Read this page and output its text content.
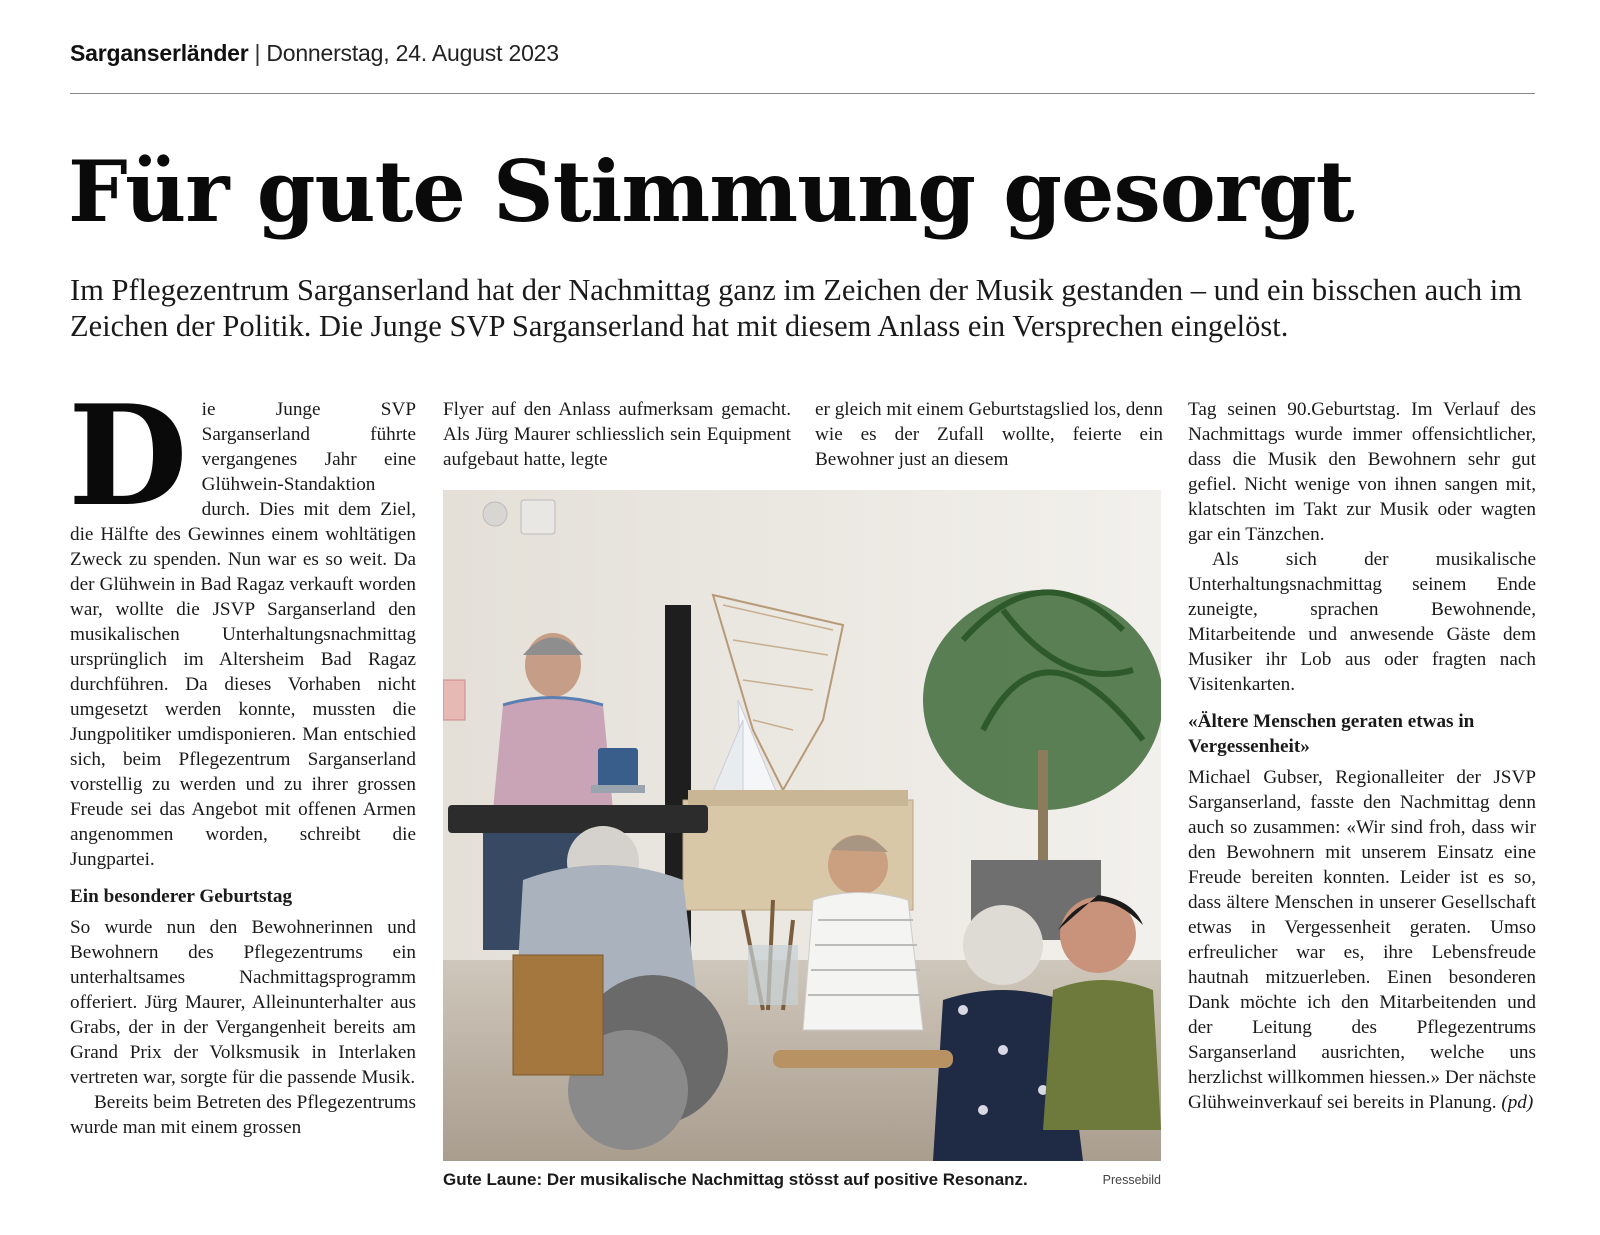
Sarganserländer | Donnerstag, 24. August 2023
Für gute Stimmung gesorgt
Im Pflegezentrum Sarganserland hat der Nachmittag ganz im Zeichen der Musik gestanden – und ein bisschen auch im Zeichen der Politik. Die Junge SVP Sarganserland hat mit diesem Anlass ein Versprechen eingelöst.
D ie Junge SVP Sarganserland führte vergangenes Jahr eine Glühwein-Standaktion durch. Dies mit dem Ziel, die Hälfte des Gewinnes einem wohltätigen Zweck zu spenden. Nun war es so weit. Da der Glühwein in Bad Ragaz verkauft worden war, wollte die JSVP Sarganserland den musikalischen Unterhaltungsnachmittag ursprünglich im Altersheim Bad Ragaz durchführen. Da dieses Vorhaben nicht umgesetzt werden konnte, mussten die Jungpolitiker umdisponieren. Man entschied sich, beim Pflegezentrum Sarganserland vorstellig zu werden und zu ihrer grossen Freude sei das Angebot mit offenen Armen angenommen worden, schreibt die Jungpartei.

Ein besonderer Geburtstag

So wurde nun den Bewohnerinnen und Bewohnern des Pflegezentrums ein unterhaltsames Nachmittagsprogramm offeriert. Jürg Maurer, Alleinunterhalter aus Grabs, der in der Vergangenheit bereits am Grand Prix der Volksmusik in Interlaken vertreten war, sorgte für die passende Musik.

Bereits beim Betreten des Pflegezentrums wurde man mit einem grossen

Flyer auf den Anlass aufmerksam gemacht. Als Jürg Maurer schliesslich sein Equipment aufgebaut hatte, legte

er gleich mit einem Geburtstagslied los, denn wie es der Zufall wollte, feierte ein Bewohner just an diesem

Tag seinen 90.Geburtstag. Im Verlauf des Nachmittags wurde immer offensichtlicher, dass die Musik den Bewohnern sehr gut gefiel. Nicht wenige von ihnen sangen mit, klatschten im Takt zur Musik oder wagten gar ein Tänzchen.

Als sich der musikalische Unterhaltungsnachmittag seinem Ende zuneigte, sprachen Bewohnende, Mitarbeitende und anwesende Gäste dem Musiker ihr Lob aus oder fragten nach Visitenkarten.

«Ältere Menschen geraten etwas in Vergessenheit»

Michael Gubser, Regionalleiter der JSVP Sarganserland, fasste den Nachmittag denn auch so zusammen: «Wir sind froh, dass wir den Bewohnern mit unserem Einsatz eine Freude bereiten konnten. Leider ist es so, dass ältere Menschen in unserer Gesellschaft etwas in Vergessenheit geraten. Umso erfreulicher war es, ihre Lebensfreude hautnah mitzuerleben. Einen besonderen Dank möchte ich den Mitarbeitenden und der Leitung des Pflegezentrums Sarganserland ausrichten, welche uns herzlichst willkommen hiessen.» Der nächste Glühweinverkauf sei bereits in Planung. (pd)

Gute Laune: Der musikalische Nachmittag stösst auf positive Resonanz.	Pressebild
